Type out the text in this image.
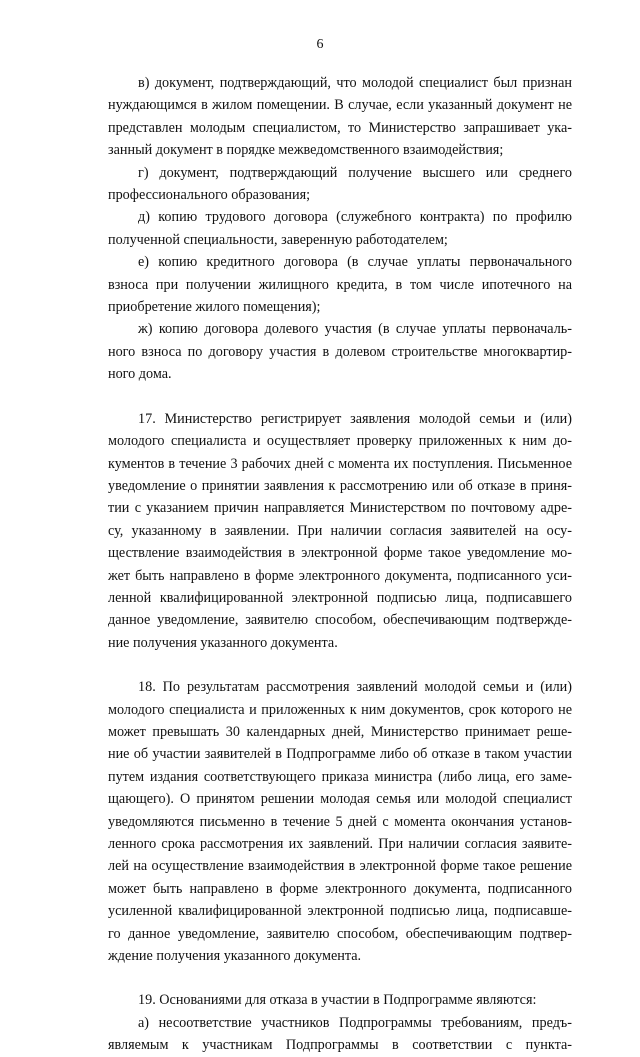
6

в) документ, подтверждающий, что молодой специалист был признан
нуждающимся в жилом помещении. В случае, если указанный документ не
представлен молодым специалистом, то Министерство запрашивает ука-
занный документ в порядке межведомственного взаимодействия;

г) документ, подтверждающий получение высшего или среднего
профессионального образования;

д) копию трудового договора (служебного контракта) по профилю
полученной специальности, заверенную работодателем;

е) копию кредитного договора (в случае уплаты первоначального
взноса при получении жилищного кредита, в том числе ипотечного на
приобретение жилого помещения);

ж) копию договора долевого участия (в случае уплаты первоначаль-
ного взноса по договору участия в долевом строительстве многоквартир-
ного дома.

17. Министерство регистрирует заявления молодой семьи и (или)
молодого специалиста и осуществляет проверку приложенных к ним до-
кументов в течение 3 рабочих дней с момента их поступления. Письменное
уведомление о принятии заявления к рассмотрению или об отказе в приня-
тии с указанием причин направляется Министерством по почтовому адре-
су, указанному в заявлении. При наличии согласия заявителей на осу-
ществление взаимодействия в электронной форме такое уведомление мо-
жет быть направлено в форме электронного документа, подписанного уси-
ленной квалифицированной электронной подписью лица, подписавшего
данное уведомление, заявителю способом, обеспечивающим подтвержде-
ние получения указанного документа.

18. По результатам рассмотрения заявлений молодой семьи и (или)
молодого специалиста и приложенных к ним документов, срок которого не
может превышать 30 календарных дней, Министерство принимает реше-
ние об участии заявителей в Подпрограмме либо об отказе в таком участии
путем издания соответствующего приказа министра (либо лица, его заме-
щающего). О принятом решении молодая семья или молодой специалист
уведомляются письменно в течение 5 дней с момента окончания установ-
ленного срока рассмотрения их заявлений. При наличии согласия заявите-
лей на осуществление взаимодействия в электронной форме такое решение
может быть направлено в форме электронного документа, подписанного
усиленной квалифицированной электронной подписью лица, подписавше-
го данное уведомление, заявителю способом, обеспечивающим подтвер-
ждение получения указанного документа.

19. Основаниями для отказа в участии в Подпрограмме являются:

а) несоответствие участников Подпрограммы требованиям, предъ-
являемым к участникам Подпрограммы в соответствии с пункта-
